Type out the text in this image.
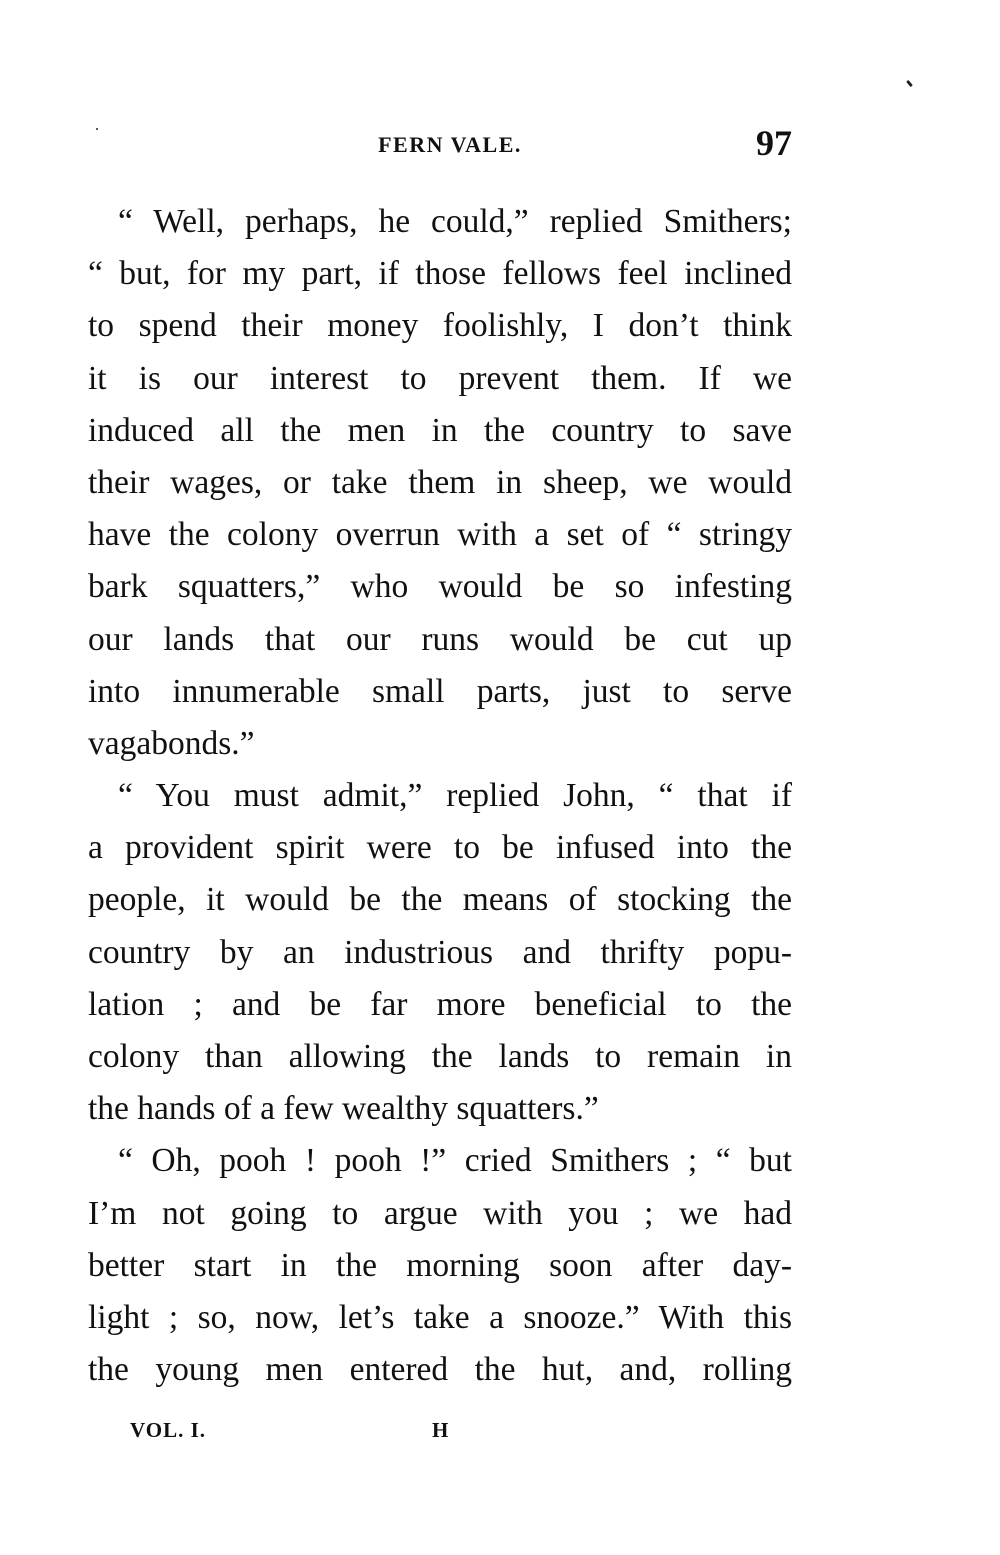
FERN VALE.	97
“ Well, perhaps, he could,” replied Smithers;
“ but, for my part, if those fellows feel inclined
to spend their money foolishly, I don’t think
it is our interest to prevent them. If we
induced all the men in the country to save
their wages, or take them in sheep, we would
have the colony overrun with a set of “ stringy
bark squatters,” who would be so infesting
our lands that our runs would be cut up
into innumerable small parts, just to serve
vagabonds.”
“ You must admit,” replied John, “ that if
a provident spirit were to be infused into the
people, it would be the means of stocking the
country by an industrious and thrifty popu-
lation ; and be far more beneficial to the
colony than allowing the lands to remain in
the hands of a few wealthy squatters.”
“ Oh, pooh ! pooh !” cried Smithers ; “ but
I’m not going to argue with you ; we had
better start in the morning soon after day-
light ; so, now, let’s take a snooze.” With this
the young men entered the hut, and, rolling
VOL. I.	H
